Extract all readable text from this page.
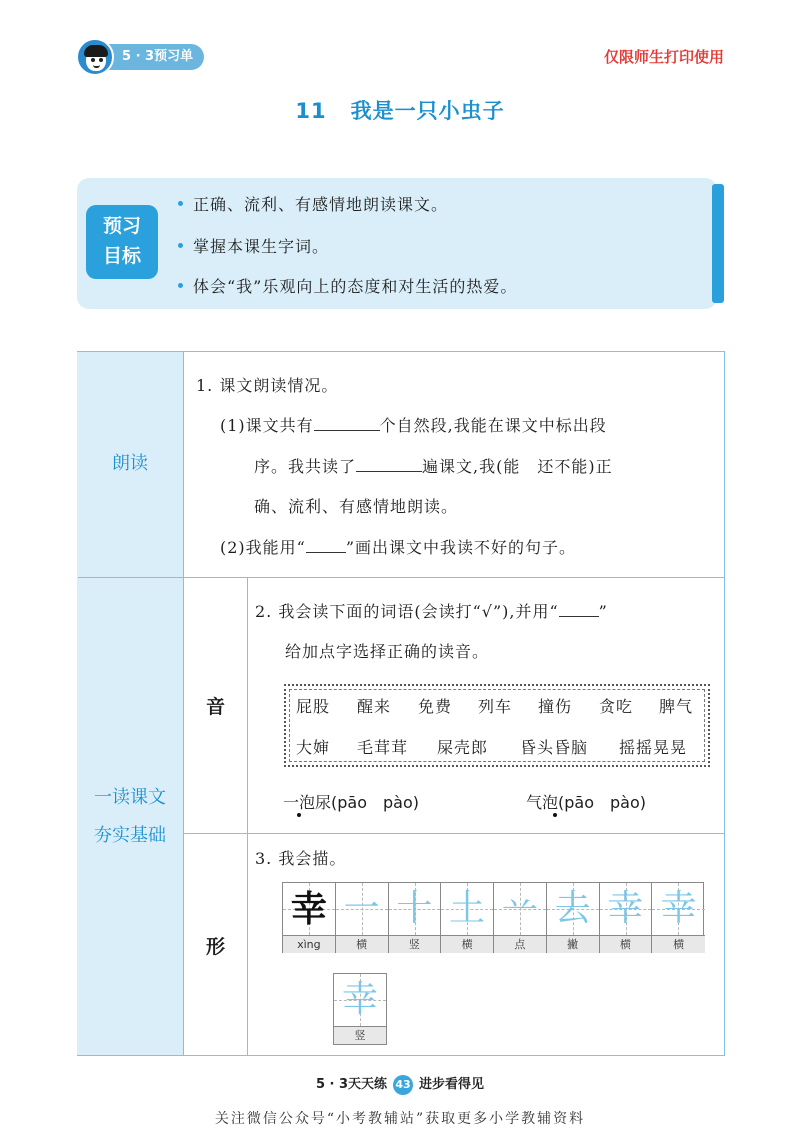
5 · 3预习单	仅限师生打印使用
11 我是一只小虫子
预习
目标
正确、流利、有感情地朗读课文。
掌握本课生字词。
体会“我”乐观向上的态度和对生活的热爱。
朗读
1. 课文朗读情况。
(1)课文共有	个自然段,我能在课文中标出段
序。我共读了	遍课文,我(能　还不能)正
确、流利、有感情地朗读。
(2)我能用“	”画出课文中我读不好的句子。
一读课文
夯实基础
音
形
2. 我会读下面的词语(会读打“√”),并用“	”
给加点字选择正确的读音。
屁股 醒来 免费 列车 撞伤 贪吃 脾气
大婶 毛茸茸 屎壳郎 昏头昏脑 摇摇晃晃
一泡尿(pāo　pào)	气泡(pāo　pào)
3. 我会描。
幸 一 十 土 䒑 去 幸 幸
xìng	横	竖	横	点	撇	横	横
幸
竖
5 · 3天天练 43 进步看得见
关注微信公众号“小考教辅站”获取更多小学教辅资料
